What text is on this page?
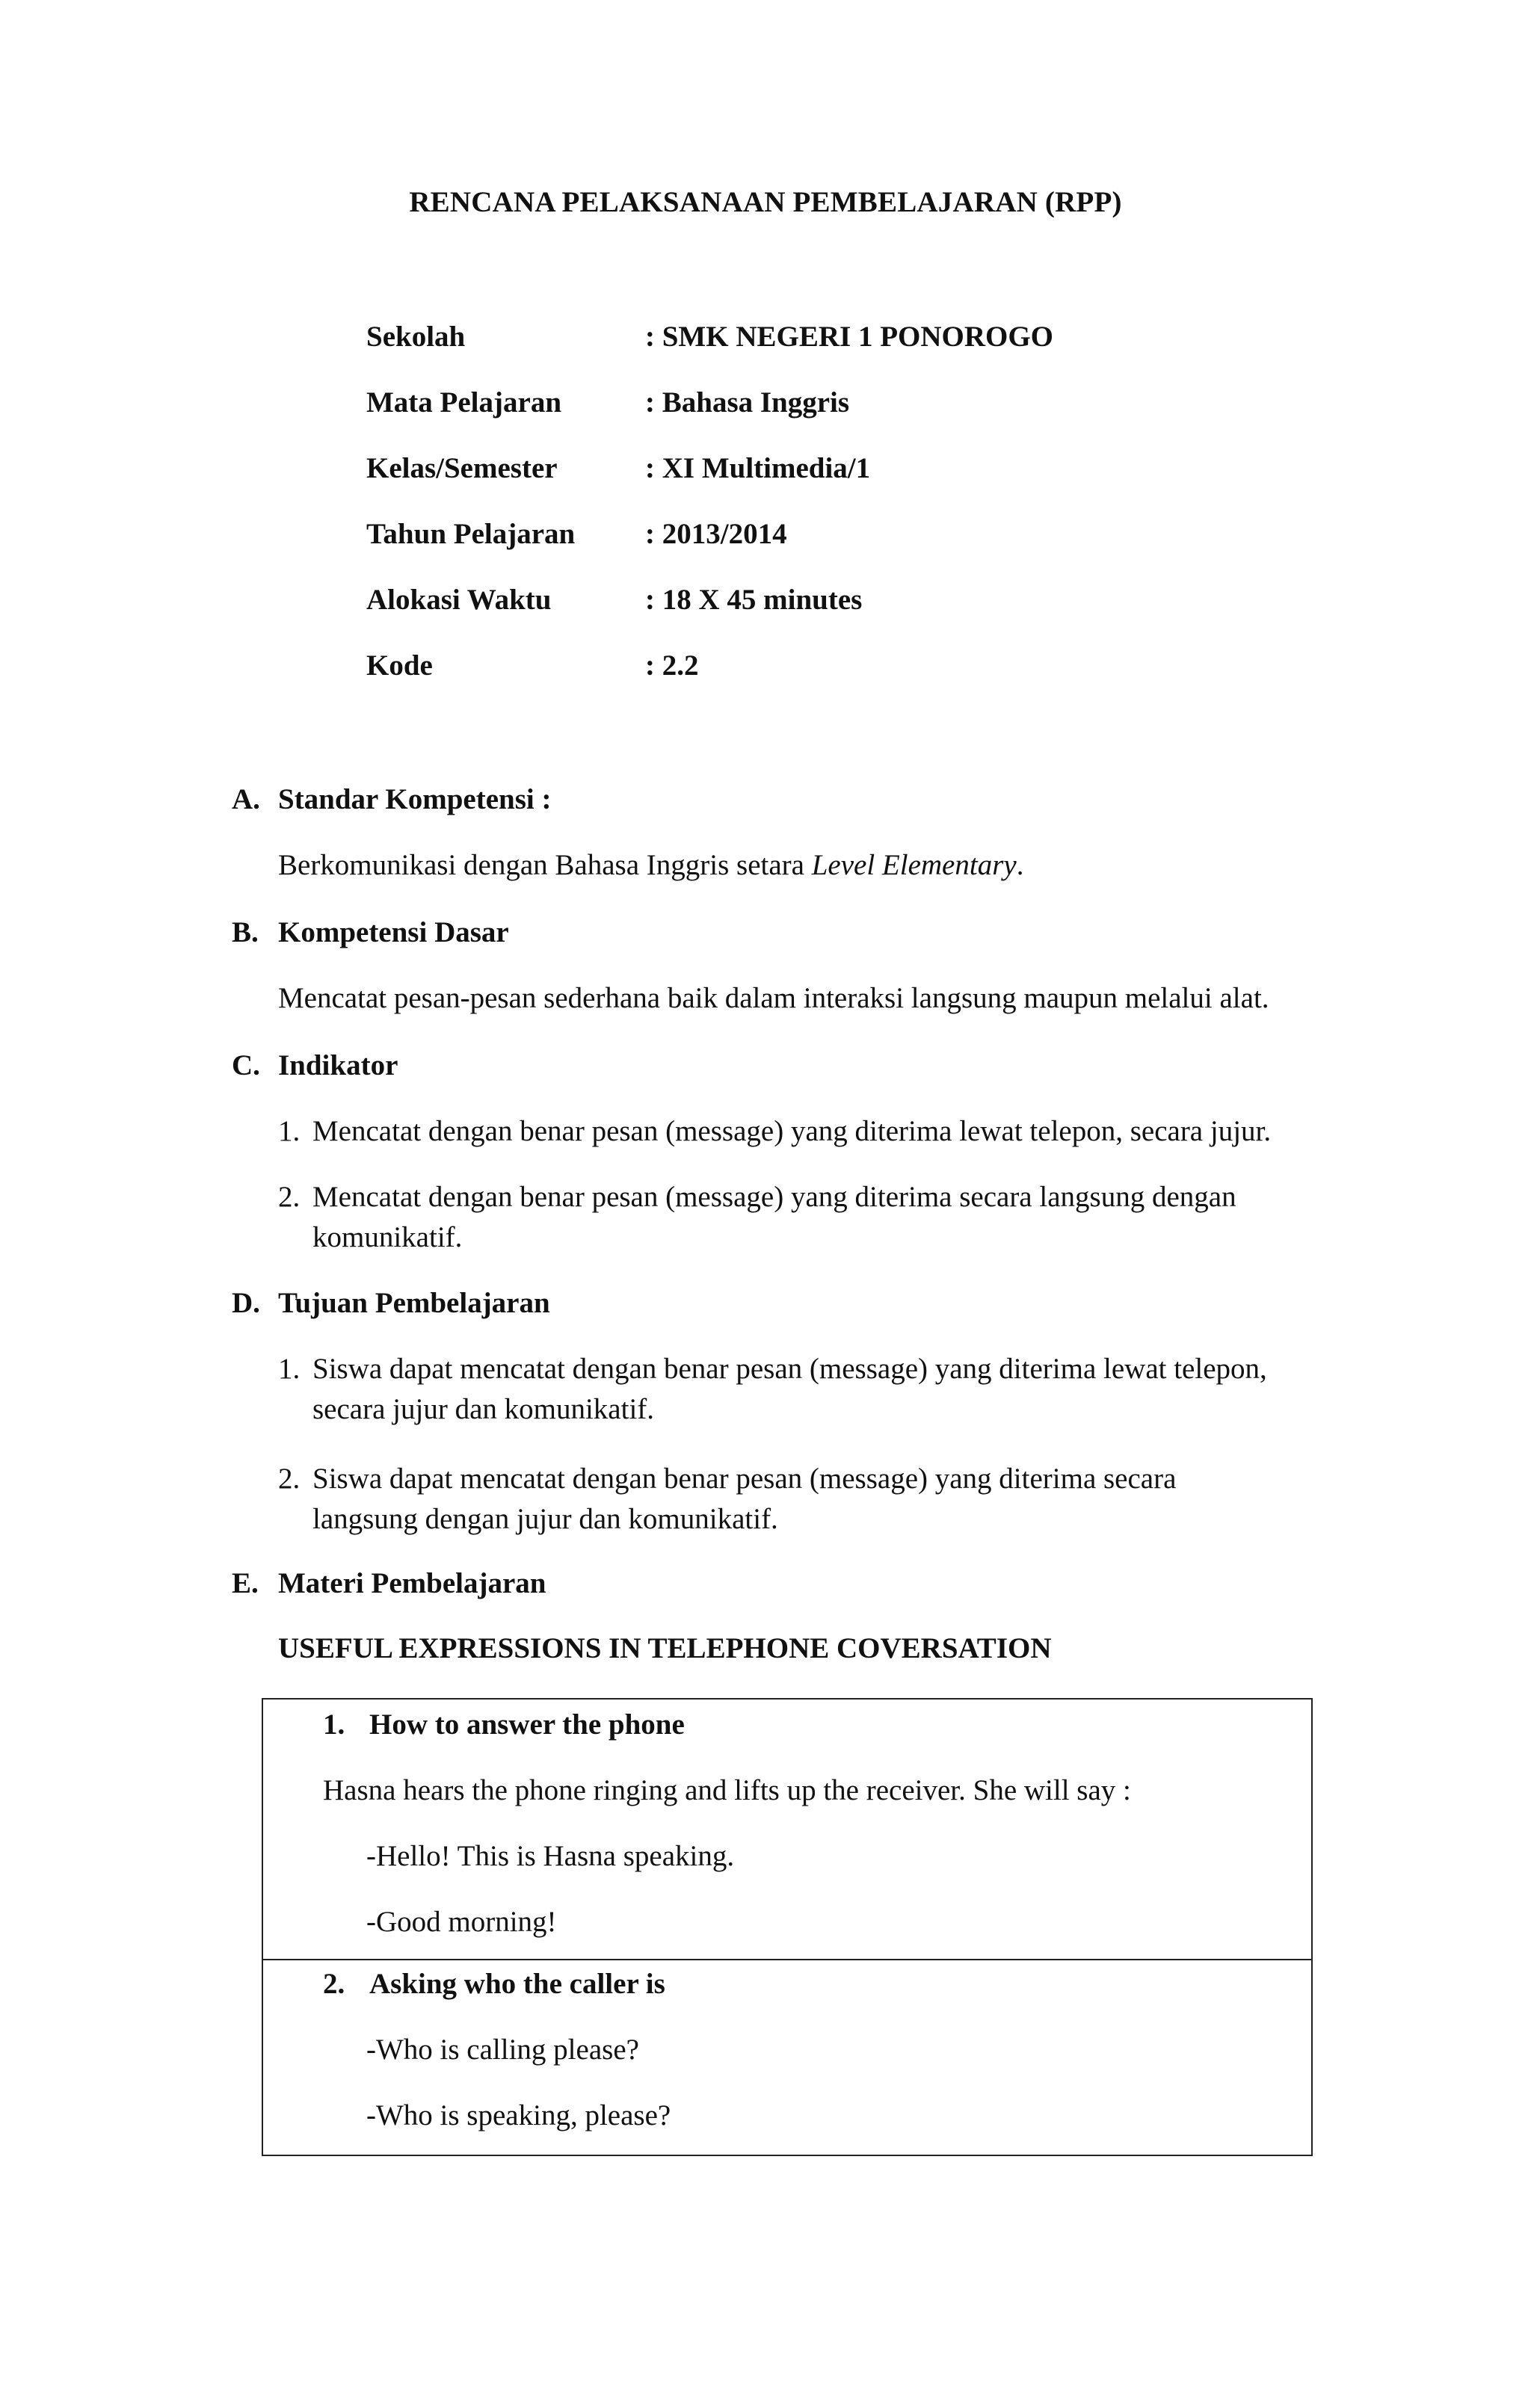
RENCANA PELAKSANAAN PEMBELAJARAN (RPP)
Sekolah	: SMK NEGERI 1 PONOROGO
Mata Pelajaran	: Bahasa Inggris
Kelas/Semester	: XI Multimedia/1
Tahun Pelajaran : 2013/2014
Alokasi Waktu	: 18 X 45 minutes
Kode	: 2.2
A. Standar Kompetensi :
Berkomunikasi dengan Bahasa Inggris setara Level Elementary.
B. Kompetensi Dasar
Mencatat pesan-pesan sederhana baik dalam interaksi langsung maupun melalui alat.
C. Indikator
1. Mencatat dengan benar pesan (message) yang diterima lewat telepon, secara jujur.
2. Mencatat dengan benar pesan (message) yang diterima secara langsung dengan
komunikatif.
D. Tujuan Pembelajaran
1. Siswa dapat mencatat dengan benar pesan (message) yang diterima lewat telepon,
secara jujur dan komunikatif.
2. Siswa dapat mencatat dengan benar pesan (message) yang diterima secara
langsung dengan jujur dan komunikatif.
E. Materi Pembelajaran
USEFUL EXPRESSIONS IN TELEPHONE COVERSATION
1. How to answer the phone
Hasna hears the phone ringing and lifts up the receiver. She will say :
-Hello! This is Hasna speaking.
-Good morning!
2. Asking who the caller is
-Who is calling please?
-Who is speaking, please?
